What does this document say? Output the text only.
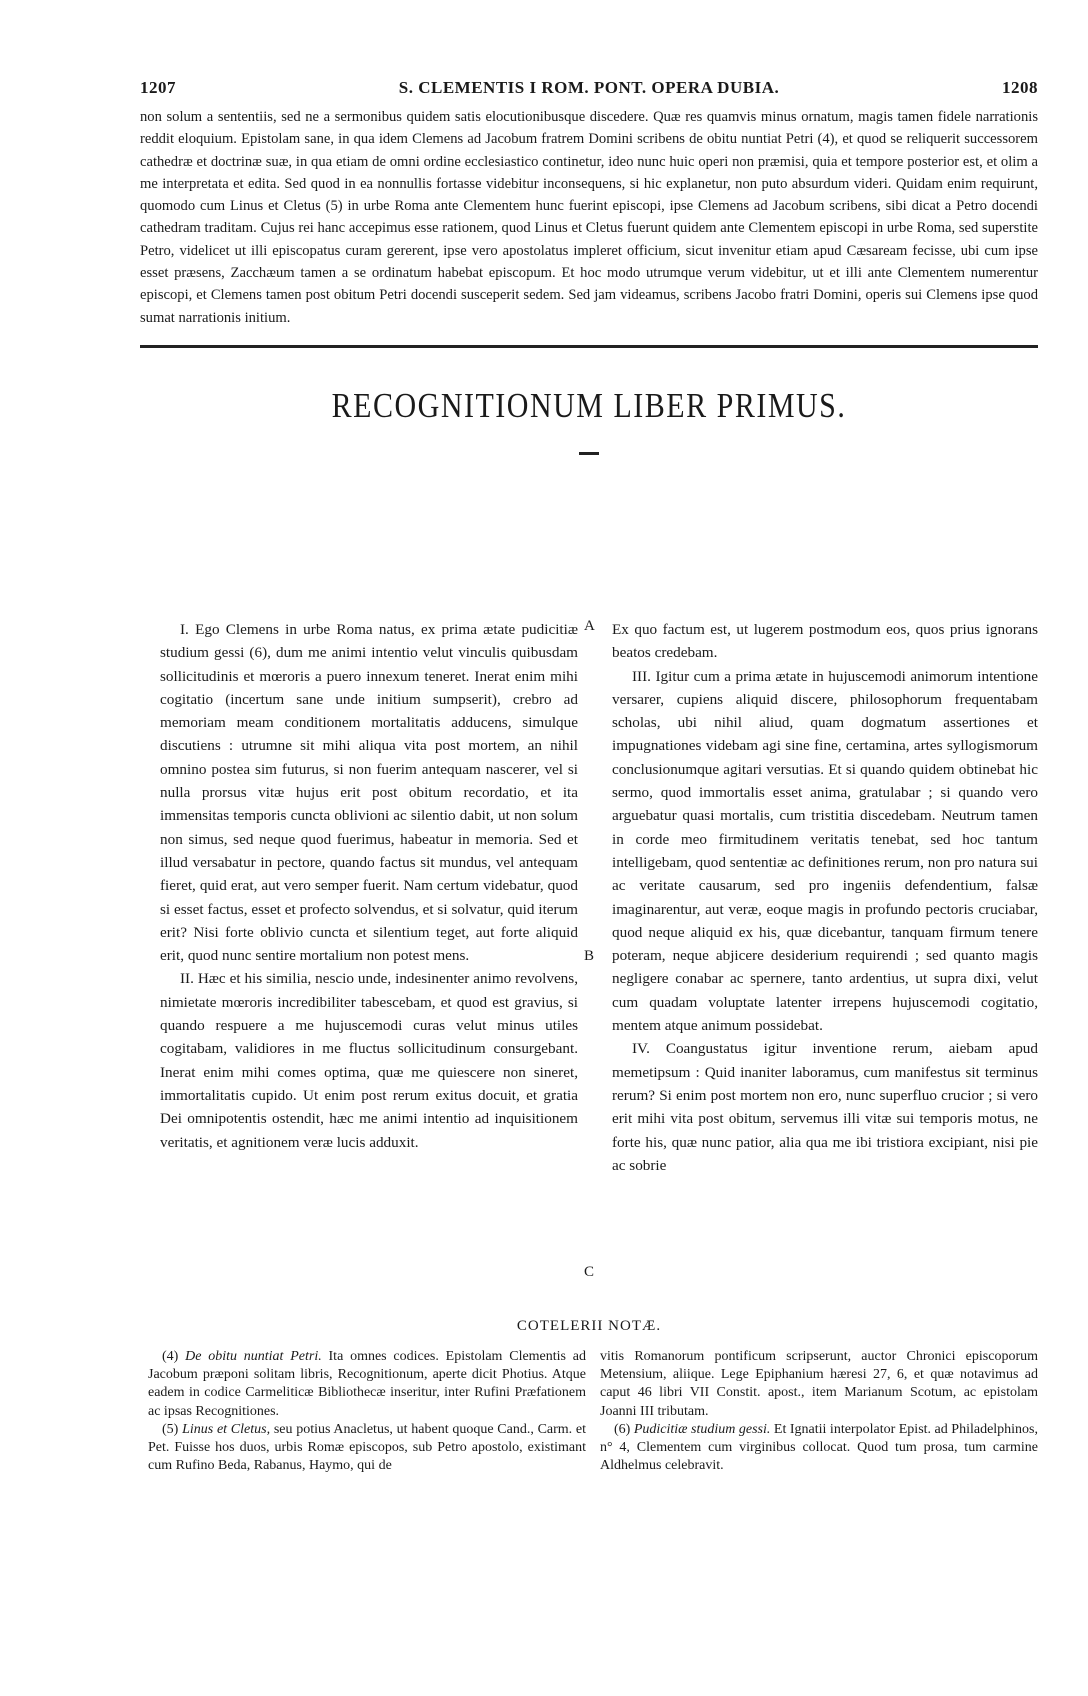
1207	S. CLEMENTIS I ROM. PONT. OPERA DUBIA.	1208
non solum a sententiis, sed ne a sermonibus quidem satis elocutionibusque discedere. Quæ res quamvis minus ornatum, magis tamen fidele narrationis reddit eloquium. Epistolam sane, in qua idem Clemens ad Jacobum fratrem Domini scribens de obitu nuntiat Petri (4), et quod se reliquerit successorem cathedræ et doctrinæ suæ, in qua etiam de omni ordine ecclesiastico continetur, ideo nunc huic operi non præmisi, quia et tempore posterior est, et olim a me interpretata et edita. Sed quod in ea nonnullis fortasse videbitur inconsequens, si hic explanetur, non puto absurdum videri. Quidam enim requirunt, quomodo cum Linus et Cletus (5) in urbe Roma ante Clementem hunc fuerint episcopi, ipse Clemens ad Jacobum scribens, sibi dicat a Petro docendi cathedram traditam. Cujus rei hanc accepimus esse rationem, quod Linus et Cletus fuerunt quidem ante Clementem episcopi in urbe Roma, sed superstite Petro, videlicet ut illi episcopatus curam gererent, ipse vero apostolatus impleret officium, sicut invenitur etiam apud Cæsaream fecisse, ubi cum ipse esset præsens, Zacchæum tamen a se ordinatum habebat episcopum. Et hoc modo utrumque verum videbitur, ut et illi ante Clementem numerentur episcopi, et Clemens tamen post obitum Petri docendi susceperit sedem. Sed jam videamus, scribens Jacobo fratri Domini, operis sui Clemens ipse quod sumat narrationis initium.
RECOGNITIONUM LIBER PRIMUS.

I. Ego Clemens in urbe Roma natus, ex prima ætate pudicitiæ studium gessi (6), dum me animi intentio velut vinculis quibusdam sollicitudinis et mœroris a puero innexum teneret. Inerat enim mihi cogitatio (incertum sane unde initium sumpserit), crebro ad memoriam meam conditionem mortalitatis adducens, simulque discutiens : utrumne sit mihi aliqua vita post mortem, an nihil omnino postea sim futurus, si non fuerim antequam nascerer, vel si nulla prorsus vitæ hujus erit post obitum recordatio, et ita immensitas temporis cuncta oblivioni ac silentio dabit, ut non solum non simus, sed neque quod fuerimus, habeatur in memoria. Sed et illud versabatur in pectore, quando factus sit mundus, vel antequam fieret, quid erat, aut vero semper fuerit. Nam certum videbatur, quod si esset factus, esset et profecto solvendus, et si solvatur, quid iterum erit? Nisi forte oblivio cuncta et silentium teget, aut forte aliquid erit, quod nunc sentire mortalium non potest mens.

II. Hæc et his similia, nescio unde, indesinenter animo revolvens, nimietate mœroris incredibiliter tabescebam, et quod est gravius, si quando respuere a me hujuscemodi curas velut minus utiles cogitabam, validiores in me fluctus sollicitudinum consurgebant. Inerat enim mihi comes optima, quæ me quiescere non sineret, immortalitatis cupido. Ut enim post rerum exitus docuit, et gratia Dei omnipotentis ostendit, hæc me animi intentio ad inquisitionem veritatis, et agnitionem veræ lucis adduxit.

A
B
C

Ex quo factum est, ut lugerem postmodum eos, quos prius ignorans beatos credebam.

III. Igitur cum a prima ætate in hujuscemodi animorum intentione versarer, cupiens aliquid discere, philosophorum frequentabam scholas, ubi nihil aliud, quam dogmatum assertiones et impugnationes videbam agi sine fine, certamina, artes syllogismorum conclusionumque agitari versutias. Et si quando quidem obtinebat hic sermo, quod immortalis esset anima, gratulabar ; si quando vero arguebatur quasi mortalis, cum tristitia discedebam. Neutrum tamen in corde meo firmitudinem veritatis tenebat, sed hoc tantum intelligebam, quod sententiæ ac definitiones rerum, non pro natura sui ac veritate causarum, sed pro ingeniis defendentium, falsæ imaginarentur, aut veræ, eoque magis in profundo pectoris cruciabar, quod neque aliquid ex his, quæ dicebantur, tanquam firmum tenere poteram, neque abjicere desiderium requirendi ; sed quanto magis negligere conabar ac spernere, tanto ardentius, ut supra dixi, velut cum quadam voluptate latenter irrepens hujuscemodi cogitatio, mentem atque animum possidebat.

IV. Coangustatus igitur inventione rerum, aiebam apud memetipsum : Quid inaniter laboramus, cum manifestus sit terminus rerum? Si enim post mortem non ero, nunc superfluo crucior ; si vero erit mihi vita post obitum, servemus illi vitæ sui temporis motus, ne forte his, quæ nunc patior, alia qua me ibi tristiora excipiant, nisi pie ac sobrie

COTELERII NOTÆ.

(4) De obitu nuntiat Petri. Ita omnes codices. Epistolam Clementis ad Jacobum præponi solitam libris, Recognitionum, aperte dicit Photius. Atque eadem in codice Carmeliticæ Bibliothecæ inseritur, inter Rufini Præfationem ac ipsas Recognitiones.

(5) Linus et Cletus, seu potius Anacletus, ut habent quoque Cand., Carm. et Pet. Fuisse hos duos, urbis Romæ episcopos, sub Petro apostolo, existimant cum Rufino Beda, Rabanus, Haymo, qui de

vitis Romanorum pontificum scripserunt, auctor Chronici episcoporum Metensium, aliique. Lege Epiphanium hæresi 27, 6, et quæ notavimus ad caput 46 libri VII Constit. apost., item Marianum Scotum, ac epistolam Joanni III tributam.

(6) Pudicitiæ studium gessi. Et Ignatii interpolator Epist. ad Philadelphinos, n° 4, Clementem cum virginibus collocat. Quod tum prosa, tum carmine Aldhelmus celebravit.
